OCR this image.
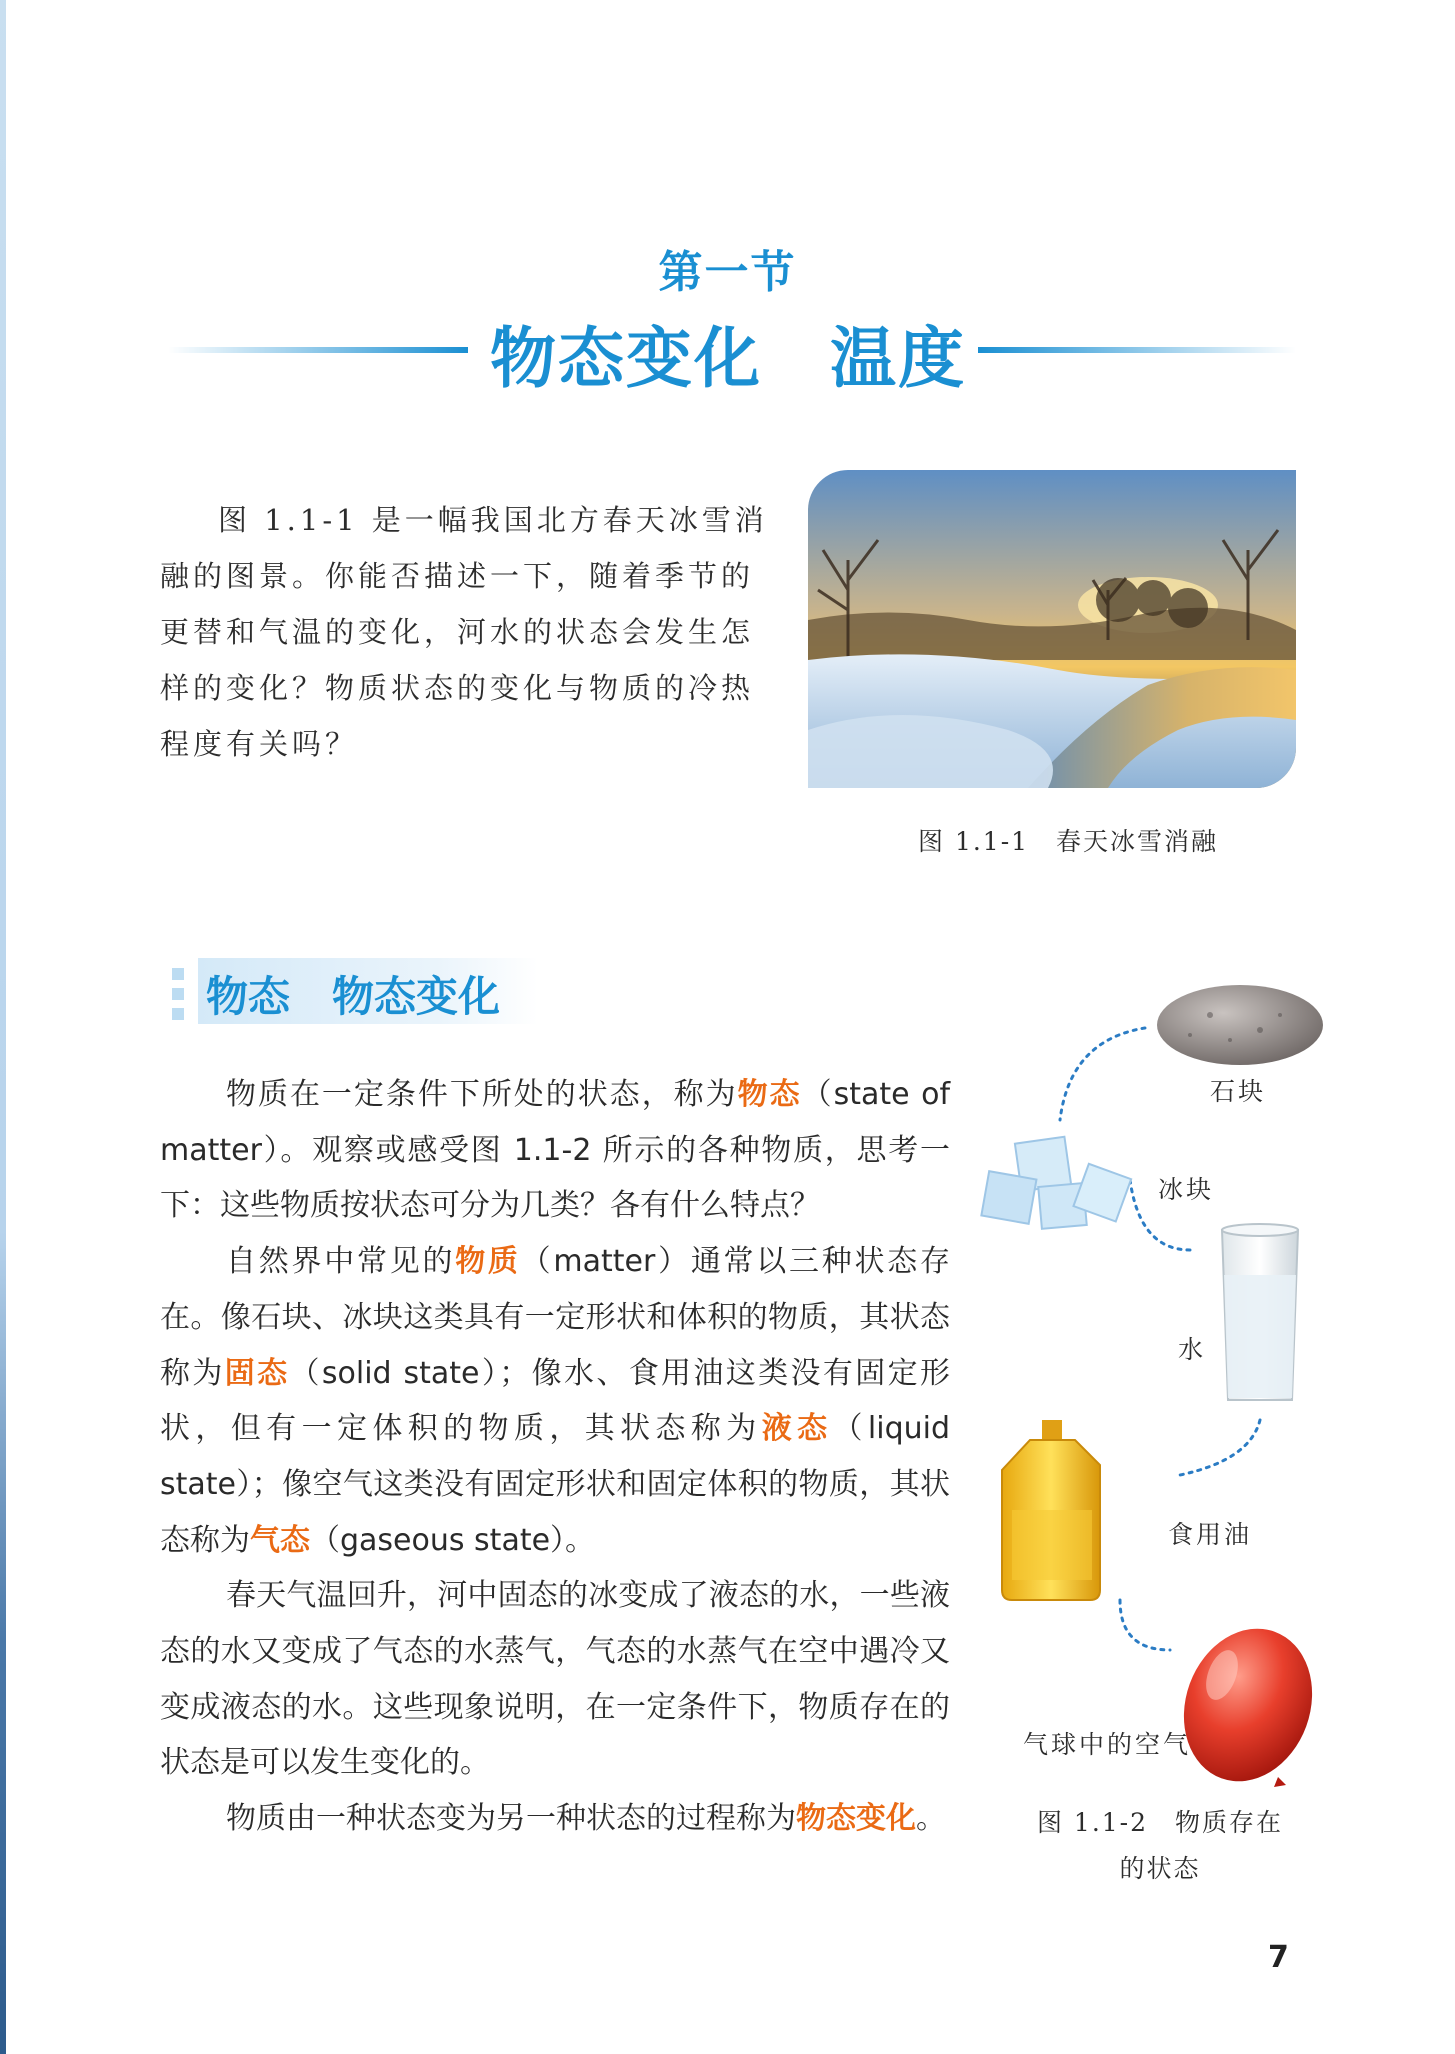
第一节
物态变化　温度

图 1.1-1 是一幅我国北方春天冰雪消融的图景。你能否描述一下，随着季节的更替和气温的变化，河水的状态会发生怎样的变化？物质状态的变化与物质的冷热程度有关吗？

图 1.1-1　春天冰雪消融
物态　物态变化

物质在一定条件下所处的状态，称为物态（state of matter）。观察或感受图 1.1-2 所示的各种物质，思考一下：这些物质按状态可分为几类？各有什么特点？

自然界中常见的物质（matter）通常以三种状态存在。像石块、冰块这类具有一定形状和体积的物质，其状态称为固态（solid state）；像水、食用油这类没有固定形状，但有一定体积的物质，其状态称为液态（liquid state）；像空气这类没有固定形状和固定体积的物质，其状态称为气态（gaseous state）。

春天气温回升，河中固态的冰变成了液态的水，一些液态的水又变成了气态的水蒸气，气态的水蒸气在空中遇冷又变成液态的水。这些现象说明，在一定条件下，物质存在的状态是可以发生变化的。

物质由一种状态变为另一种状态的过程称为物态变化。

石块
冰块
水
食用油
气球中的空气
图 1.1-2　物质存在的状态
7
